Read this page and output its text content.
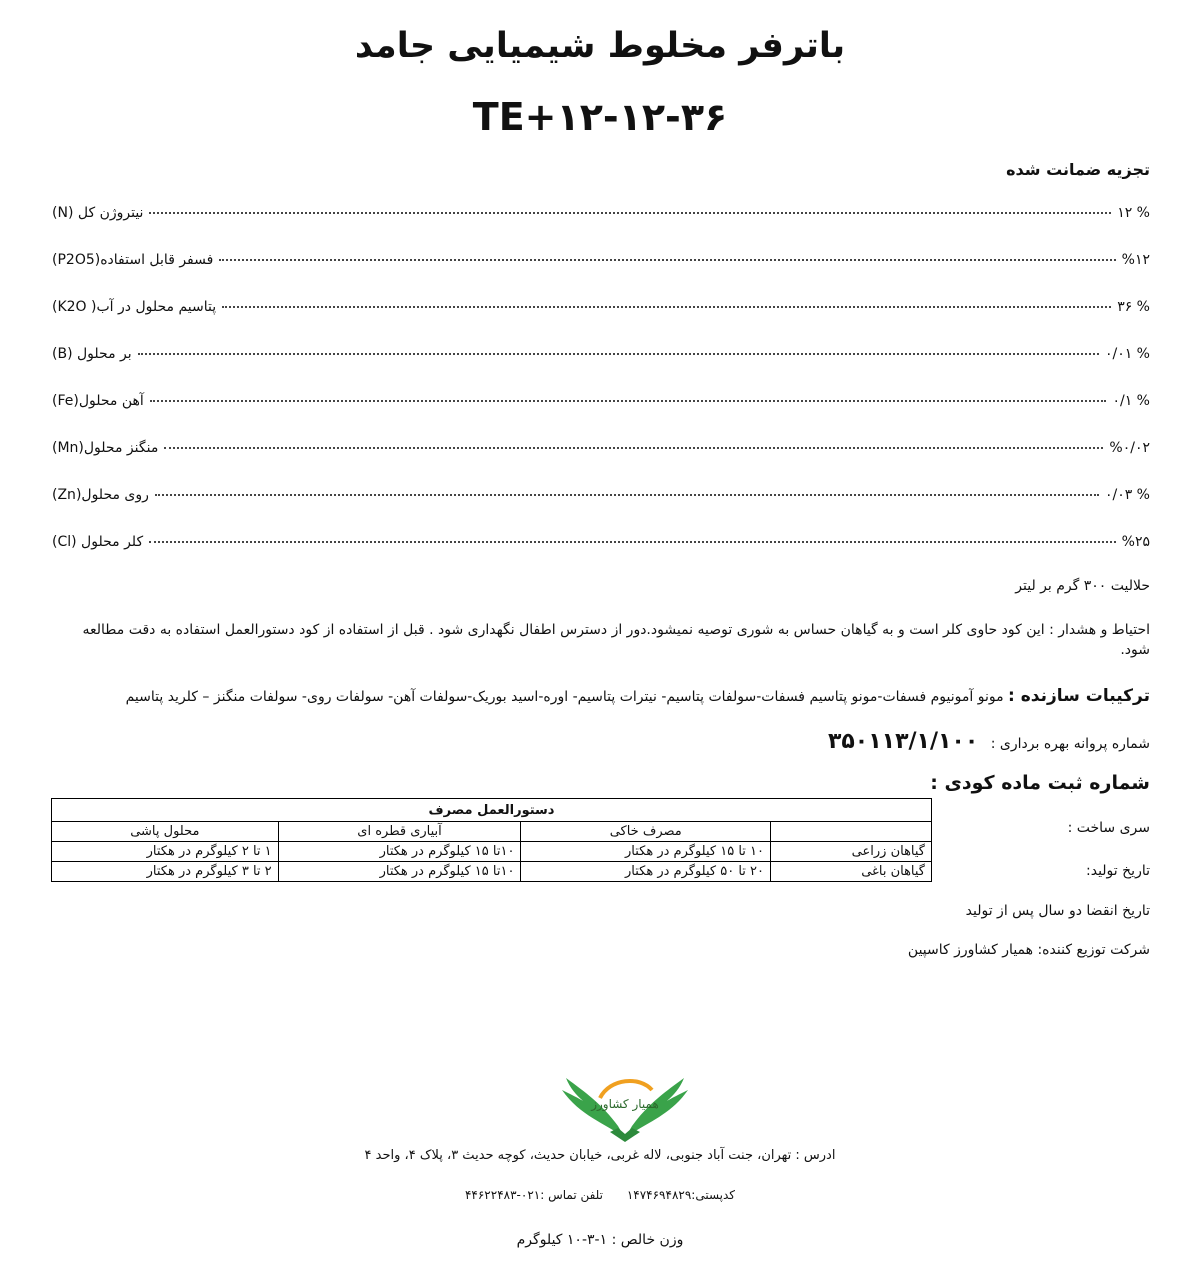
باترفر مخلوط شیمیایی جامد
۱۲-۱۲-۳۶+TE
تجزیه ضمانت شده
نیتروژن کل (N)	% ۱۲
فسفر قابل استفاده(P2O5)	%۱۲
پتاسیم محلول در آب( K2O)	% ۳۶
بر محلول (B)	% ۰/۰۱
آهن محلول(Fe)	% ۰/۱
منگنز محلول(Mn)	%۰/۰۲
روی محلول(Zn)	% ۰/۰۳
کلر محلول (Cl)	%۲۵
حلالیت ۳۰۰ گرم بر لیتر
احتیاط و هشدار : این کود حاوی کلر است و به گیاهان حساس به شوری توصیه نمیشود.دور از دسترس اطفال نگهداری شود . قبل از استفاده از کود دستورالعمل استفاده به دقت مطالعه شود.
ترکیبات سازنده : مونو آمونیوم فسفات-مونو پتاسیم فسفات-سولفات پتاسیم- نیترات پتاسیم- اوره-اسید بوریک-سولفات آهن- سولفات روی- سولفات منگنز – کلرید پتاسیم
شماره پروانه بهره برداری : ۳۵۰۱۱۳/۱/۱۰۰
شماره ثبت ماده کودی :
سری ساخت :
تاریخ تولید:
تاریخ انقضا دو سال پس از تولید
شرکت توزیع کننده: همیار کشاورز کاسپین
دستورالعمل مصرف			
	مصرف خاکی	آبیاری قطره ای	محلول پاشی
گیاهان زراعی	۱۰ تا ۱۵ کیلوگرم در هکتار	۱۰تا ۱۵ کیلوگرم در هکتار	۱ تا ۲ کیلوگرم در هکتار
گیاهان باغی	۲۰ تا ۵۰ کیلوگرم در هکتار	۱۰تا ۱۵ کیلوگرم در هکتار	۲ تا ۳ کیلوگرم در هکتار
همیار کشاورز
ادرس : تهران، جنت آباد جنوبی، لاله غربی، خیابان حدیث، کوچه حدیث ۳، پلاک ۴، واحد ۴
کدپستی:۱۴۷۴۶۹۴۸۲۹ تلفن تماس :۰۲۱-۴۴۶۲۲۴۸۳
وزن خالص : ۱-۳-۱۰ کیلوگرم
